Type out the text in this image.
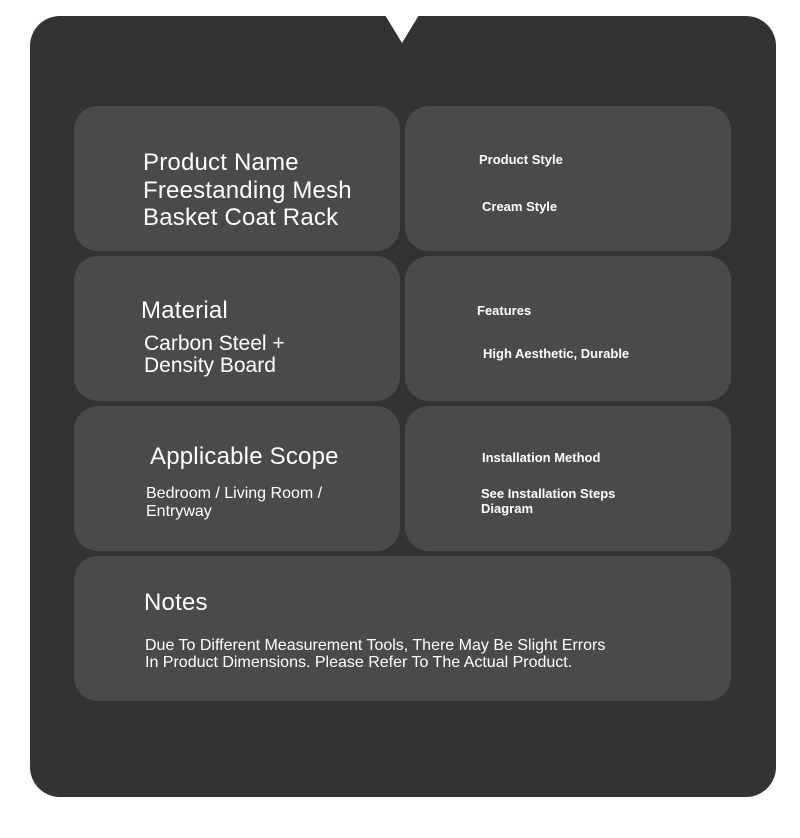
Product Name
Freestanding Mesh
Basket Coat Rack
Product Style
Cream Style
Material
Carbon Steel +
Density Board
Features
High Aesthetic, Durable
Applicable Scope
Bedroom / Living Room /
Entryway
Installation Method
See Installation Steps
Diagram
Notes
Due To Different Measurement Tools, There May Be Slight Errors
In Product Dimensions. Please Refer To The Actual Product.
